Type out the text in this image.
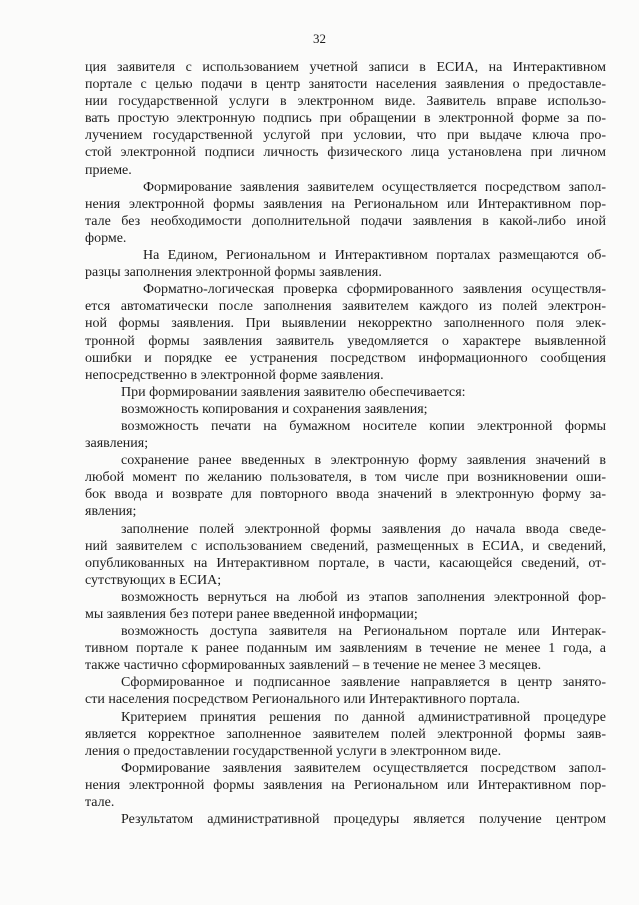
32
ция заявителя с использованием учетной записи в ЕСИА, на Интерактивном
портале с целью подачи в центр занятости населения заявления о предоставле-
нии государственной услуги в электронном виде. Заявитель вправе использо-
вать простую электронную подпись при обращении в электронной форме за по-
лучением государственной услугой при условии, что при выдаче ключа про-
стой электронной подписи личность физического лица установлена при личном
приеме.
Формирование заявления заявителем осуществляется посредством запол-
нения электронной формы заявления на Региональном или Интерактивном пор-
тале без необходимости дополнительной подачи заявления в какой-либо иной
форме.
На Едином, Региональном и Интерактивном порталах размещаются об-
разцы заполнения электронной формы заявления.
Форматно-логическая проверка сформированного заявления осуществля-
ется автоматически после заполнения заявителем каждого из полей электрон-
ной формы заявления. При выявлении некорректно заполненного поля элек-
тронной формы заявления заявитель уведомляется о характере выявленной
ошибки и порядке ее устранения посредством информационного сообщения
непосредственно в электронной форме заявления.
При формировании заявления заявителю обеспечивается:
возможность копирования и сохранения заявления;
возможность печати на бумажном носителе копии электронной формы
заявления;
сохранение ранее введенных в электронную форму заявления значений в
любой момент по желанию пользователя, в том числе при возникновении оши-
бок ввода и возврате для повторного ввода значений в электронную форму за-
явления;
заполнение полей электронной формы заявления до начала ввода сведе-
ний заявителем с использованием сведений, размещенных в ЕСИА, и сведений,
опубликованных на Интерактивном портале, в части, касающейся сведений, от-
сутствующих в ЕСИА;
возможность вернуться на любой из этапов заполнения электронной фор-
мы заявления без потери ранее введенной информации;
возможность доступа заявителя на Региональном портале или Интерак-
тивном портале к ранее поданным им заявлениям в течение не менее 1 года, а
также частично сформированных заявлений – в течение не менее 3 месяцев.
Сформированное и подписанное заявление направляется в центр занято-
сти населения посредством Регионального или Интерактивного портала.
Критерием принятия решения по данной административной процедуре
является корректное заполненное заявителем полей электронной формы заяв-
ления о предоставлении государственной услуги в электронном виде.
Формирование заявления заявителем осуществляется посредством запол-
нения электронной формы заявления на Региональном или Интерактивном пор-
тале.
Результатом административной процедуры является получение центром
